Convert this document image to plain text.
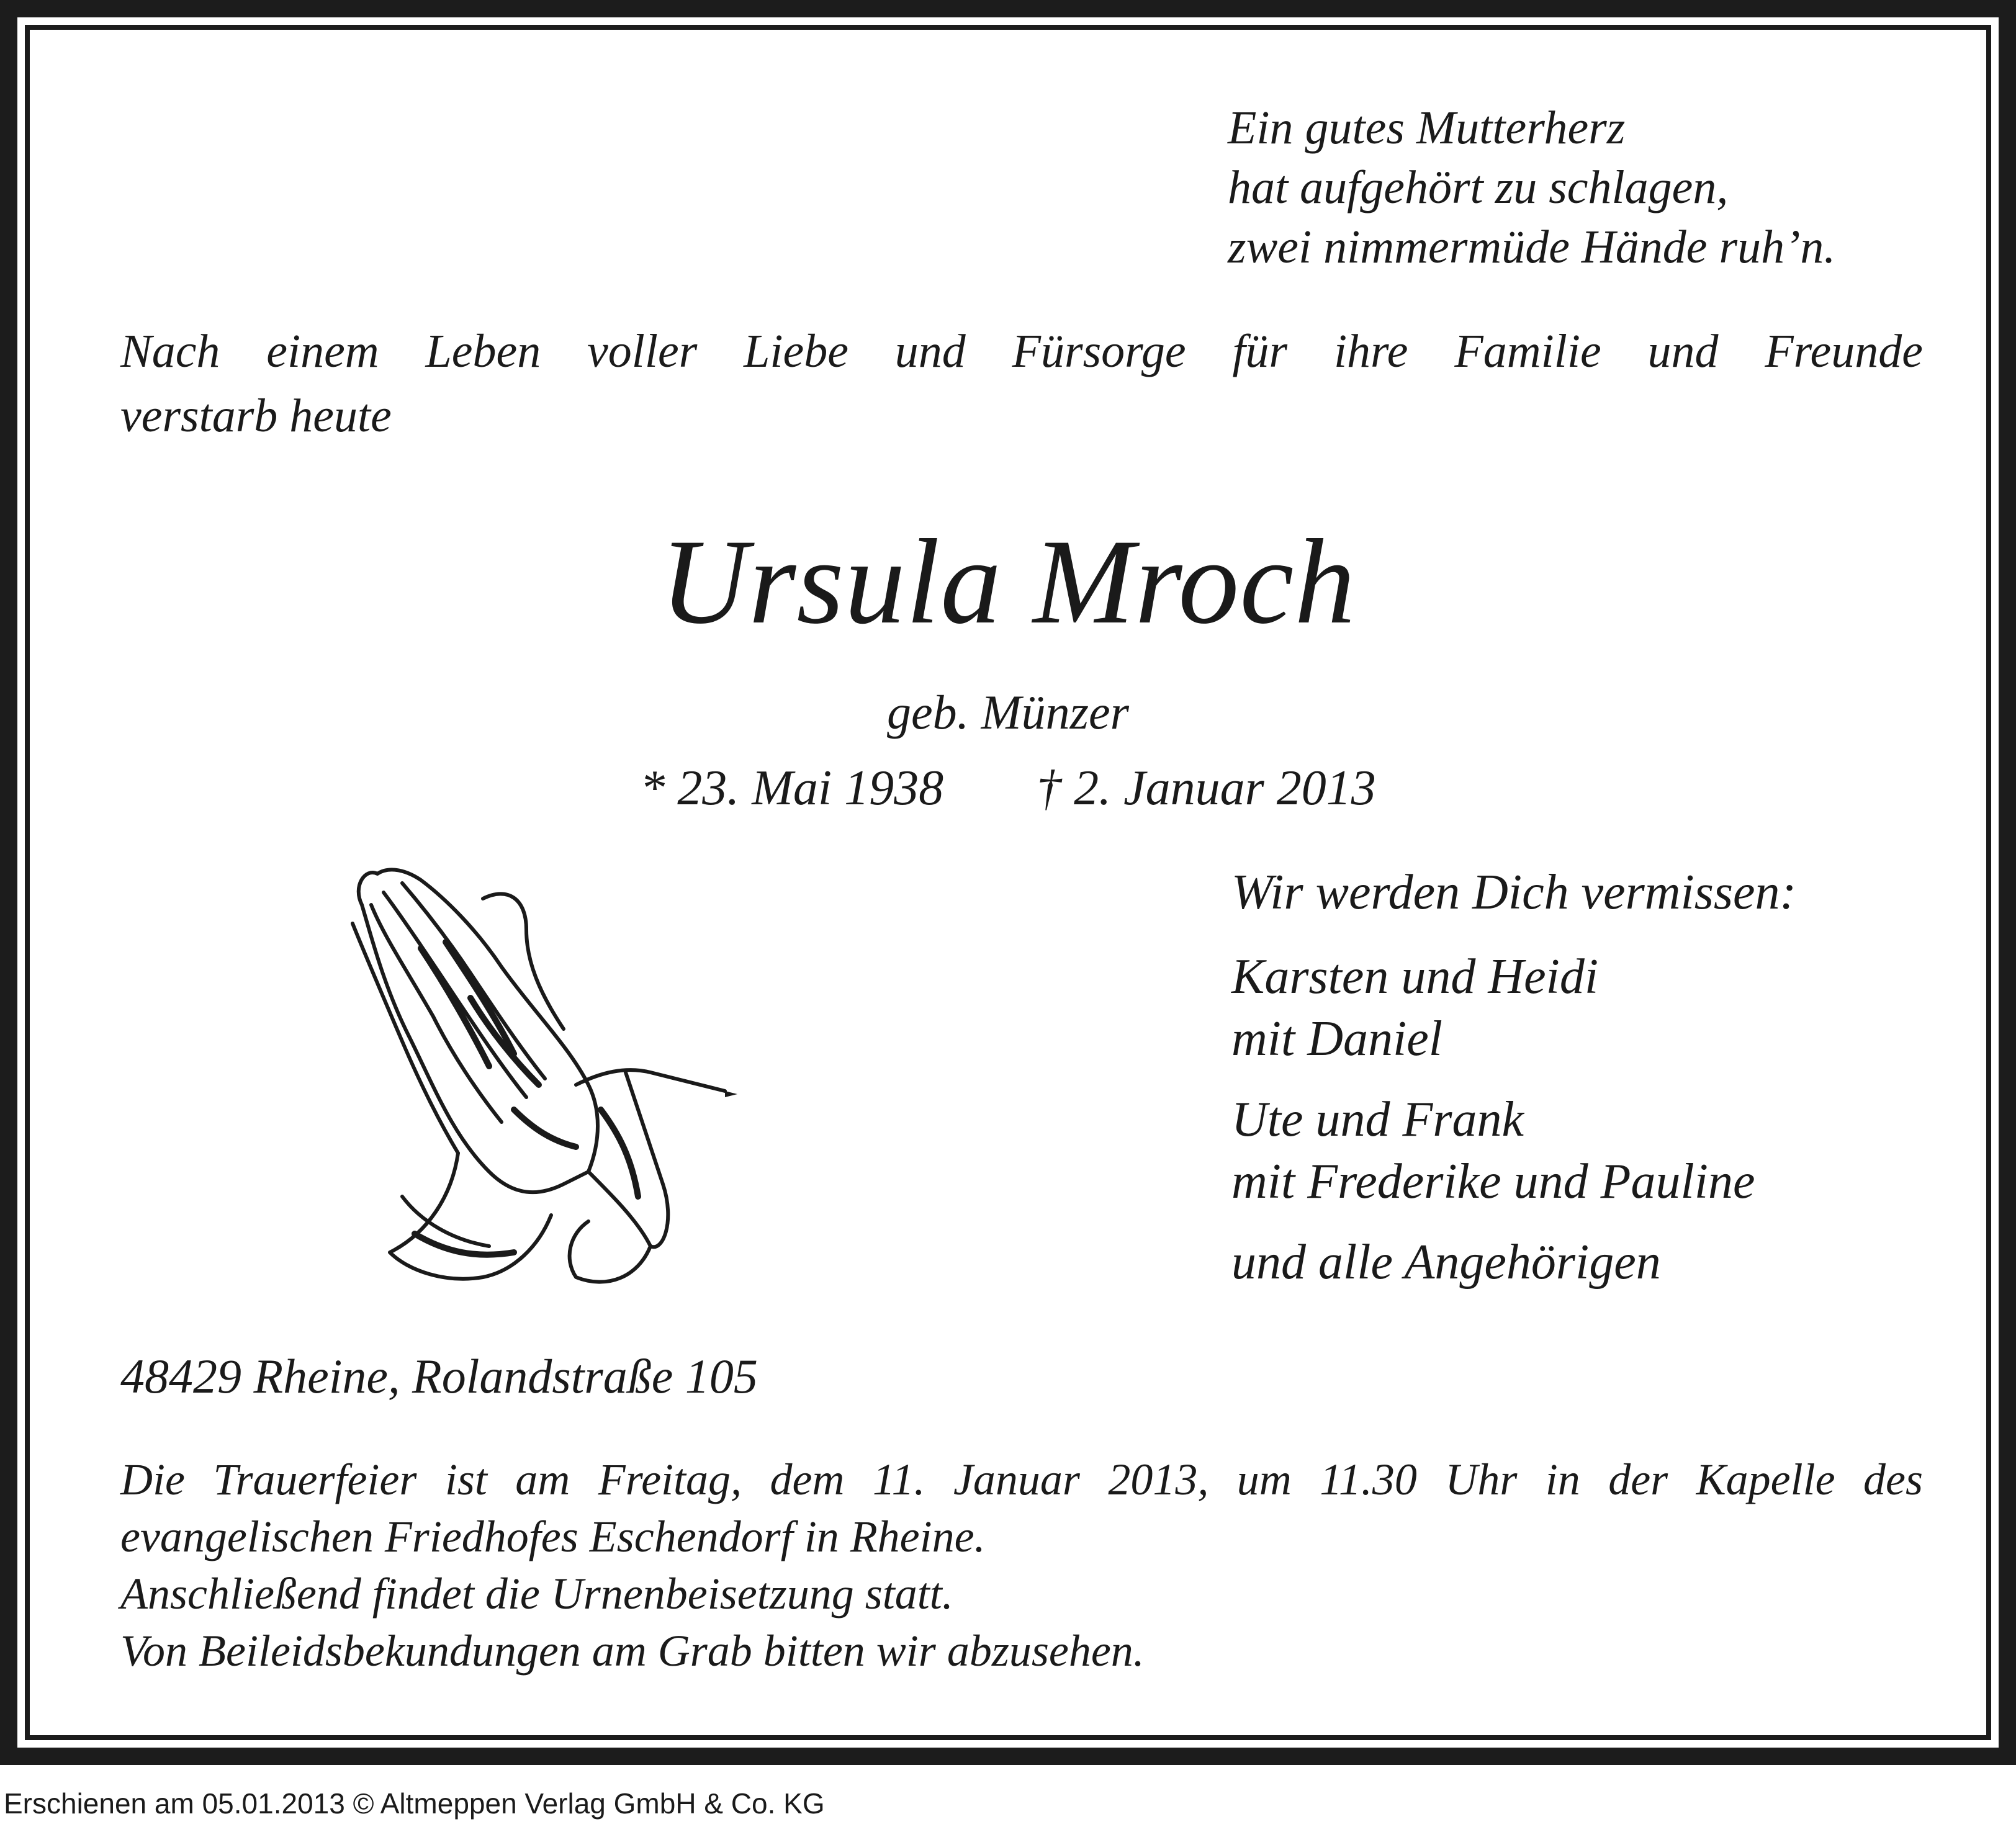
Ein gutes Mutterherz
hat aufgehört zu schlagen,
zwei nimmermüde Hände ruh’n.
Nach einem Leben voller Liebe und Fürsorge für ihre Familie und Freunde
verstarb heute
Ursula Mroch
geb. Münzer
* 23. Mai 1938 † 2. Januar 2013
Wir werden Dich vermissen:
Karsten und Heidi
mit Daniel
Ute und Frank
mit Frederike und Pauline
und alle Angehörigen
48429 Rheine, Rolandstraße 105
Die Trauerfeier ist am Freitag, dem 11. Januar 2013, um 11.30 Uhr in der Kapelle des
evangelischen Friedhofes Eschendorf in Rheine.
Anschließend findet die Urnenbeisetzung statt.
Von Beileidsbekundungen am Grab bitten wir abzusehen.
Erschienen am 05.01.2013 © Altmeppen Verlag GmbH & Co. KG
